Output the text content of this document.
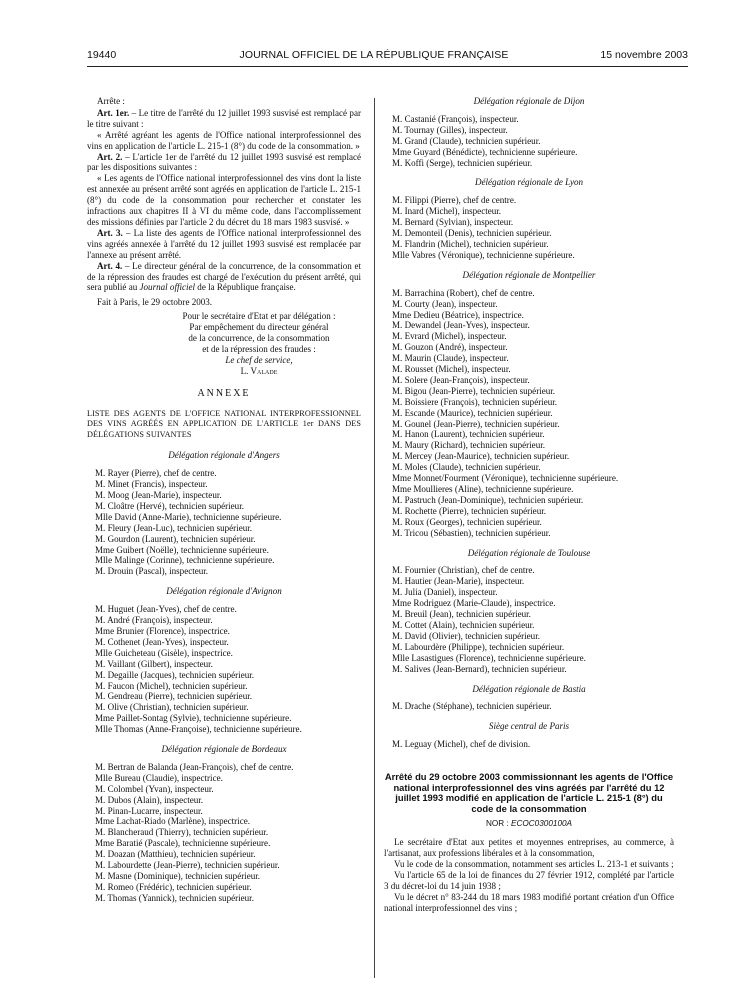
19440	JOURNAL OFFICIEL DE LA RÉPUBLIQUE FRANÇAISE	15 novembre 2003

Arrête :

Art. 1er. – Le titre de l'arrêté du 12 juillet 1993 susvisé est remplacé par le titre suivant :

« Arrêté agréant les agents de l'Office national interprofessionnel des vins en application de l'article L. 215-1 (8°) du code de la consommation. »

Art. 2. – L'article 1er de l'arrêté du 12 juillet 1993 susvisé est remplacé par les dispositions suivantes :

« Les agents de l'Office national interprofessionnel des vins dont la liste est annexée au présent arrêté sont agréés en application de l'article L. 215-1 (8°) du code de la consommation pour rechercher et constater les infractions aux chapitres II à VI du même code, dans l'accomplissement des missions définies par l'article 2 du décret du 18 mars 1983 susvisé. »

Art. 3. – La liste des agents de l'Office national interprofessionnel des vins agréés annexée à l'arrêté du 12 juillet 1993 susvisé est remplacée par l'annexe au présent arrêté.

Art. 4. – Le directeur général de la concurrence, de la consommation et de la répression des fraudes est chargé de l'exécution du présent arrêté, qui sera publié au Journal officiel de la République française.

Fait à Paris, le 29 octobre 2003.

Pour le secrétaire d'Etat et par délégation :

Par empêchement du directeur général

de la concurrence, de la consommation

et de la répression des fraudes :

Le chef de service,

L. Valade

ANNEXE

LISTE DES AGENTS DE L'OFFICE NATIONAL INTERPROFESSIONNEL DES VINS AGRÉÉS EN APPLICATION DE L'ARTICLE 1er DANS DES DÉLÉGATIONS SUIVANTES

Délégation régionale d'Angers

M. Rayer (Pierre), chef de centre.

M. Minet (Francis), inspecteur.

M. Moog (Jean-Marie), inspecteur.

M. Cloâtre (Hervé), technicien supérieur.

Mlle David (Anne-Marie), technicienne supérieure.

M. Fleury (Jean-Luc), technicien supérieur.

M. Gourdon (Laurent), technicien supérieur.

Mme Guibert (Noëlle), technicienne supérieure.

Mlle Malinge (Corinne), technicienne supérieure.

M. Drouin (Pascal), inspecteur.

Délégation régionale d'Avignon

M. Huguet (Jean-Yves), chef de centre.

M. André (François), inspecteur.

Mme Brunier (Florence), inspectrice.

M. Cothenet (Jean-Yves), inspecteur.

Mlle Guicheteau (Gisèle), inspectrice.

M. Vaillant (Gilbert), inspecteur.

M. Degaille (Jacques), technicien supérieur.

M. Faucon (Michel), technicien supérieur.

M. Gendreau (Pierre), technicien supérieur.

M. Olive (Christian), technicien supérieur.

Mme Paillet-Sontag (Sylvie), technicienne supérieure.

Mlle Thomas (Anne-Françoise), technicienne supérieure.

Délégation régionale de Bordeaux

M. Bertran de Balanda (Jean-François), chef de centre.

Mlle Bureau (Claudie), inspectrice.

M. Colombel (Yvan), inspecteur.

M. Dubos (Alain), inspecteur.

M. Pinan-Lucarre, inspecteur.

Mme Lachat-Riado (Marlène), inspectrice.

M. Blancheraud (Thierry), technicien supérieur.

Mme Baratié (Pascale), technicienne supérieure.

M. Doazan (Matthieu), technicien supérieur.

M. Labourdette (Jean-Pierre), technicien supérieur.

M. Masne (Dominique), technicien supérieur.

M. Romeo (Frédéric), technicien supérieur.

M. Thomas (Yannick), technicien supérieur.

Délégation régionale de Dijon

M. Castanié (François), inspecteur.

M. Tournay (Gilles), inspecteur.

M. Grand (Claude), technicien supérieur.

Mme Guyard (Bénédicte), technicienne supérieure.

M. Koffi (Serge), technicien supérieur.

Délégation régionale de Lyon

M. Filippi (Pierre), chef de centre.

M. Inard (Michel), inspecteur.

M. Bernard (Sylvian), inspecteur.

M. Demonteil (Denis), technicien supérieur.

M. Flandrin (Michel), technicien supérieur.

Mlle Vabres (Véronique), technicienne supérieure.

Délégation régionale de Montpellier

M. Barrachina (Robert), chef de centre.

M. Courty (Jean), inspecteur.

Mme Dedieu (Béatrice), inspectrice.

M. Dewandel (Jean-Yves), inspecteur.

M. Evrard (Michel), inspecteur.

M. Gouzon (André), inspecteur.

M. Maurin (Claude), inspecteur.

M. Rousset (Michel), inspecteur.

M. Solere (Jean-François), inspecteur.

M. Bigou (Jean-Pierre), technicien supérieur.

M. Boissiere (François), technicien supérieur.

M. Escande (Maurice), technicien supérieur.

M. Gounel (Jean-Pierre), technicien supérieur.

M. Hanon (Laurent), technicien supérieur.

M. Maury (Richard), technicien supérieur.

M. Mercey (Jean-Maurice), technicien supérieur.

M. Moles (Claude), technicien supérieur.

Mme Monnet/Fourment (Véronique), technicienne supérieure.

Mme Moullieres (Aline), technicienne supérieure.

M. Pastruch (Jean-Dominique), technicien supérieur.

M. Rochette (Pierre), technicien supérieur.

M. Roux (Georges), technicien supérieur.

M. Tricou (Sébastien), technicien supérieur.

Délégation régionale de Toulouse

M. Fournier (Christian), chef de centre.

M. Hautier (Jean-Marie), inspecteur.

M. Julia (Daniel), inspecteur.

Mme Rodriguez (Marie-Claude), inspectrice.

M. Breuil (Jean), technicien supérieur.

M. Cottet (Alain), technicien supérieur.

M. David (Olivier), technicien supérieur.

M. Labourdère (Philippe), technicien supérieur.

Mlle Lasastigues (Florence), technicienne supérieure.

M. Salives (Jean-Bernard), technicien supérieur.

Délégation régionale de Bastia

M. Drache (Stéphane), technicien supérieur.

Siège central de Paris

M. Leguay (Michel), chef de division.

Arrêté du 29 octobre 2003 commissionnant les agents de l'Office national interprofessionnel des vins agréés par l'arrêté du 12 juillet 1993 modifié en application de l'article L. 215-1 (8°) du code de la consommation

NOR : ECOC0300100A

Le secrétaire d'Etat aux petites et moyennes entreprises, au commerce, à l'artisanat, aux professions libérales et à la consommation,

Vu le code de la consommation, notamment ses articles L. 213-1 et suivants ;

Vu l'article 65 de la loi de finances du 27 février 1912, complété par l'article 3 du décret-loi du 14 juin 1938 ;

Vu le décret n° 83-244 du 18 mars 1983 modifié portant création d'un Office national interprofessionnel des vins ;
